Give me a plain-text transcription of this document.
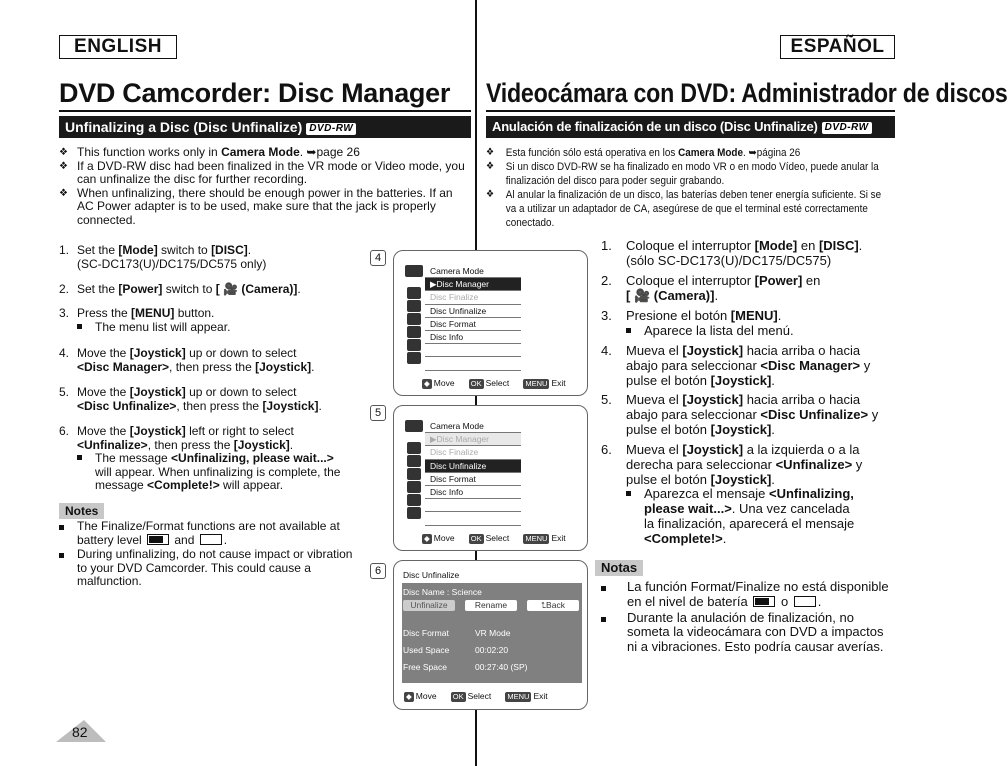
ENGLISH	ESPAÑOL
DVD Camcorder: Disc Manager Videocámara con DVD: Administrador de discos
Unfinalizing a Disc (Disc Unfinalize) DVD-RW	Anulación de finalización de un disco (Disc Unfinalize) DVD-RW
❖ This function works only in Camera Mode. ➥page 26
❖ If a DVD-RW disc had been finalized in the VR mode or Video mode, you can unfinalize the disc for further recording.
❖ When unfinalizing, there should be enough power in the batteries. If an AC Power adapter is to be used, make sure that the jack is properly connected.
❖ Esta función sólo está operativa en los Camera Mode. ➥página 26
❖ Si un disco DVD-RW se ha finalizado en modo VR o en modo Vídeo, puede anular la finalización del disco para poder seguir grabando.
❖ Al anular la finalización de un disco, las baterías deben tener energía suficiente. Si se va a utilizar un adaptador de CA, asegúrese de que el terminal esté correctamente conectado.
1. Set the [Mode] switch to [DISC].
(SC-DC173(U)/DC175/DC575 only)
2. Set the [Power] switch to [ 🎥 (Camera)].
3. Press the [MENU] button.
The menu list will appear.
4. Move the [Joystick] up or down to select
<Disc Manager>, then press the [Joystick].
5. Move the [Joystick] up or down to select
<Disc Unfinalize>, then press the [Joystick].
6. Move the [Joystick] left or right to select
<Unfinalize>, then press the [Joystick].
The message <Unfinalizing, please wait...>
will appear. When unfinalizing is complete, the
message <Complete!> will appear.
Notes
The Finalize/Format functions are not available at
battery level  and .
During unfinalizing, do not cause impact or vibration to your DVD Camcorder. This could cause a malfunction.
4
Camera Mode
▶Disc Manager
Disc Finalize
Disc Unfinalize
Disc Format
Disc Info
◆ Move OK Select MENU Exit
5
Camera Mode
▶Disc Manager
Disc Finalize
Disc Unfinalize
Disc Format
Disc Info
◆ Move OK Select MENU Exit
6	Disc Unfinalize
Disc Name : Science
Unfinalize	Rename	⮤Back
Disc Format	VR Mode
Used Space	00:02:20
Free Space	00:27:40 (SP)
◆ Move OK Select MENU Exit
1.	Coloque el interruptor [Mode] en [DISC].
(sólo SC-DC173(U)/DC175/DC575)
2.	Coloque el interruptor [Power] en
[ 🎥 (Camera)].
3.	Presione el botón [MENU].
Aparece la lista del menú.
4.	Mueva el [Joystick] hacia arriba o hacia
abajo para seleccionar <Disc Manager> y
pulse el botón [Joystick].
5.	Mueva el [Joystick] hacia arriba o hacia
abajo para seleccionar <Disc Unfinalize> y
pulse el botón [Joystick].
6.	Mueva el [Joystick] a la izquierda o a la
derecha para seleccionar <Unfinalize> y
pulse el botón [Joystick].
Aparezca el mensaje <Unfinalizing,
please wait...>. Una vez cancelada
la finalización, aparecerá el mensaje
<Complete!>.
Notas
La función Format/Finalize no está disponible
en el nivel de batería  o .
Durante la anulación de finalización, no someta la videocámara con DVD a impactos ni a vibraciones. Esto podría causar averías.
82
